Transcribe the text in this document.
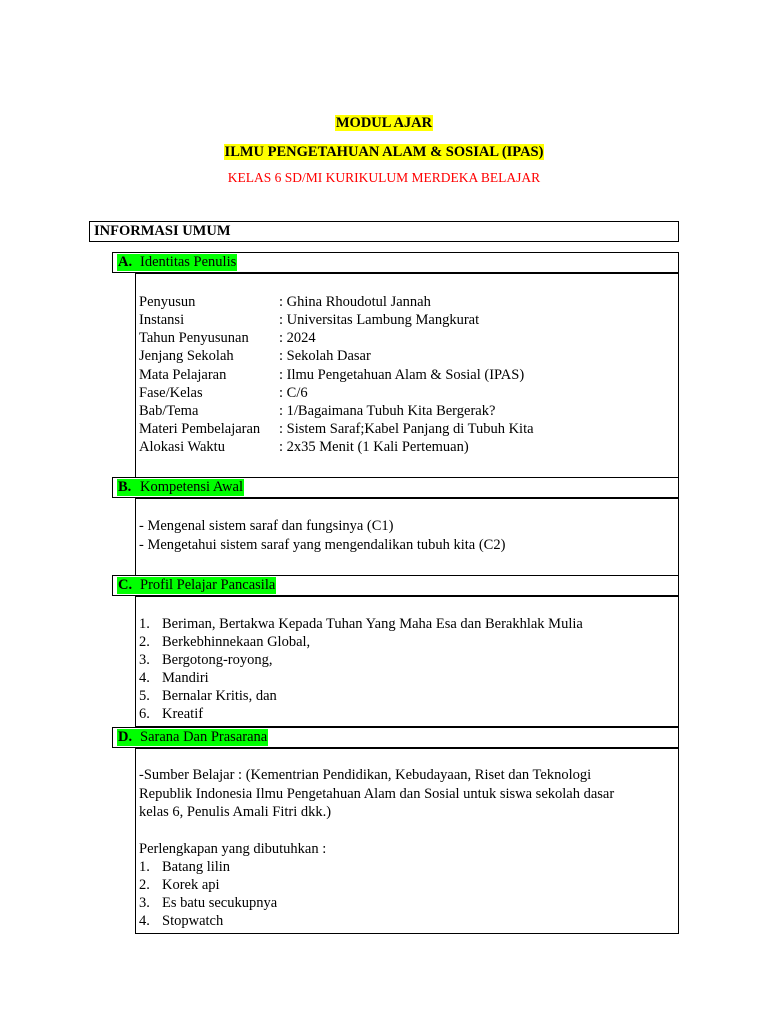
MODUL AJAR
ILMU PENGETAHUAN ALAM & SOSIAL (IPAS)
KELAS 6 SD/MI KURIKULUM MERDEKA BELAJAR
INFORMASI UMUM
A. Identitas Penulis
Penyusun	: Ghina Rhoudotul Jannah
Instansi	: Universitas Lambung Mangkurat
Tahun Penyusunan : 2024
Jenjang Sekolah	: Sekolah Dasar
Mata Pelajaran	: Ilmu Pengetahuan Alam & Sosial (IPAS)
Fase/Kelas	: C/6
Bab/Tema	: 1/Bagaimana Tubuh Kita Bergerak?
Materi Pembelajaran : Sistem Saraf;Kabel Panjang di Tubuh Kita
Alokasi Waktu	: 2x35 Menit (1 Kali Pertemuan)
B. Kompetensi Awal
- Mengenal sistem saraf dan fungsinya (C1)
- Mengetahui sistem saraf yang mengendalikan tubuh kita (C2)
C. Profil Pelajar Pancasila
1. Beriman, Bertakwa Kepada Tuhan Yang Maha Esa dan Berakhlak Mulia
2. Berkebhinnekaan Global,
3. Bergotong-royong,
4. Mandiri
5. Bernalar Kritis, dan
6. Kreatif
D. Sarana Dan Prasarana
-Sumber Belajar : (Kementrian Pendidikan, Kebudayaan, Riset dan Teknologi
Republik Indonesia Ilmu Pengetahuan Alam dan Sosial untuk siswa sekolah dasar
kelas 6, Penulis Amali Fitri dkk.)
Perlengkapan yang dibutuhkan :
1. Batang lilin
2. Korek api
3. Es batu secukupnya
4. Stopwatch
